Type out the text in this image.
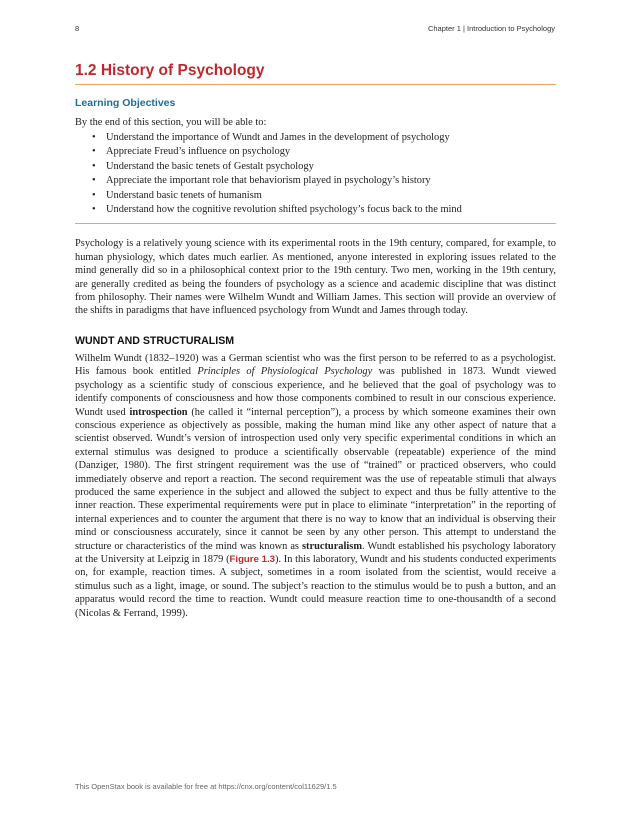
8	Chapter 1 | Introduction to Psychology
1.2 History of Psychology
Learning Objectives
By the end of this section, you will be able to:
• Understand the importance of Wundt and James in the development of psychology
• Appreciate Freud’s influence on psychology
• Understand the basic tenets of Gestalt psychology
• Appreciate the important role that behaviorism played in psychology’s history
• Understand basic tenets of humanism
• Understand how the cognitive revolution shifted psychology’s focus back to the mind

Psychology is a relatively young science with its experimental roots in the 19th century, compared, for example, to human physiology, which dates much earlier. As mentioned, anyone interested in exploring issues related to the mind generally did so in a philosophical context prior to the 19th century. Two men, working in the 19th century, are generally credited as being the founders of psychology as a science and academic discipline that was distinct from philosophy. Their names were Wilhelm Wundt and William James. This section will provide an overview of the shifts in paradigms that have influenced psychology from Wundt and James through today.

WUNDT AND STRUCTURALISM

Wilhelm Wundt (1832–1920) was a German scientist who was the first person to be referred to as a psychologist. His famous book entitled Principles of Physiological Psychology was published in 1873. Wundt viewed psychology as a scientific study of conscious experience, and he believed that the goal of psychology was to identify components of consciousness and how those components combined to result in our conscious experience. Wundt used introspection (he called it “internal perception”), a process by which someone examines their own conscious experience as objectively as possible, making the human mind like any other aspect of nature that a scientist observed. Wundt’s version of introspection used only very specific experimental conditions in which an external stimulus was designed to produce a scientifically observable (repeatable) experience of the mind (Danziger, 1980). The first stringent requirement was the use of “trained” or practiced observers, who could immediately observe and report a reaction. The second requirement was the use of repeatable stimuli that always produced the same experience in the subject and allowed the subject to expect and thus be fully attentive to the inner reaction. These experimental requirements were put in place to eliminate “interpretation” in the reporting of internal experiences and to counter the argument that there is no way to know that an individual is observing their mind or consciousness accurately, since it cannot be seen by any other person. This attempt to understand the structure or characteristics of the mind was known as structuralism. Wundt established his psychology laboratory at the University at Leipzig in 1879 (Figure 1.3). In this laboratory, Wundt and his students conducted experiments on, for example, reaction times. A subject, sometimes in a room isolated from the scientist, would receive a stimulus such as a light, image, or sound. The subject’s reaction to the stimulus would be to push a button, and an apparatus would record the time to reaction. Wundt could measure reaction time to one-thousandth of a second (Nicolas & Ferrand, 1999).

This OpenStax book is available for free at https://cnx.org/content/col11629/1.5
